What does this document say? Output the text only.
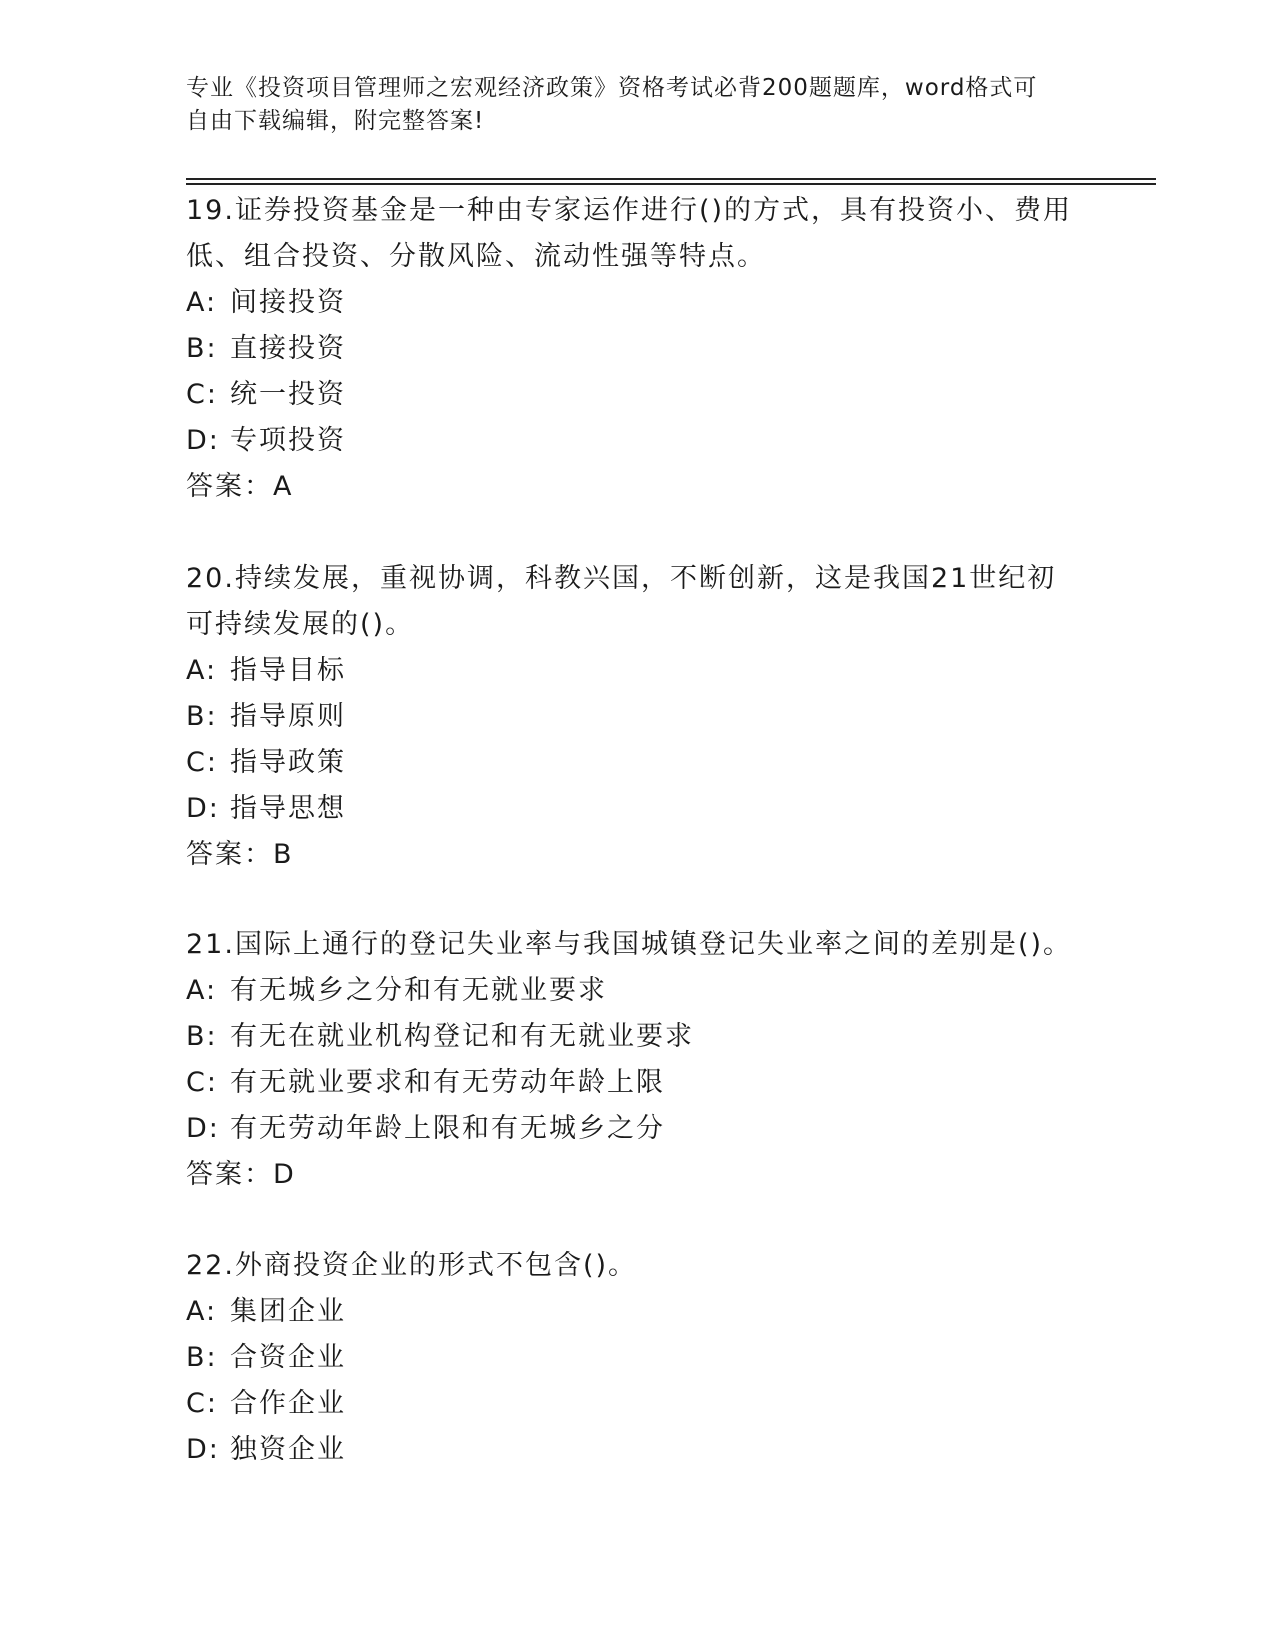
专业《投资项目管理师之宏观经济政策》资格考试必背200题题库，word格式可
自由下载编辑，附完整答案!

19.证券投资基金是一种由专家运作进行()的方式，具有投资小、费用

低、组合投资、分散风险、流动性强等特点。

A: 间接投资

B: 直接投资

C: 统一投资

D: 专项投资

答案：A

20.持续发展，重视协调，科教兴国，不断创新，这是我国21世纪初

可持续发展的()。

A: 指导目标

B: 指导原则

C: 指导政策

D: 指导思想

答案：B

21.国际上通行的登记失业率与我国城镇登记失业率之间的差别是()。

A: 有无城乡之分和有无就业要求

B: 有无在就业机构登记和有无就业要求

C: 有无就业要求和有无劳动年龄上限

D: 有无劳动年龄上限和有无城乡之分

答案：D

22.外商投资企业的形式不包含()。

A: 集团企业

B: 合资企业

C: 合作企业

D: 独资企业
